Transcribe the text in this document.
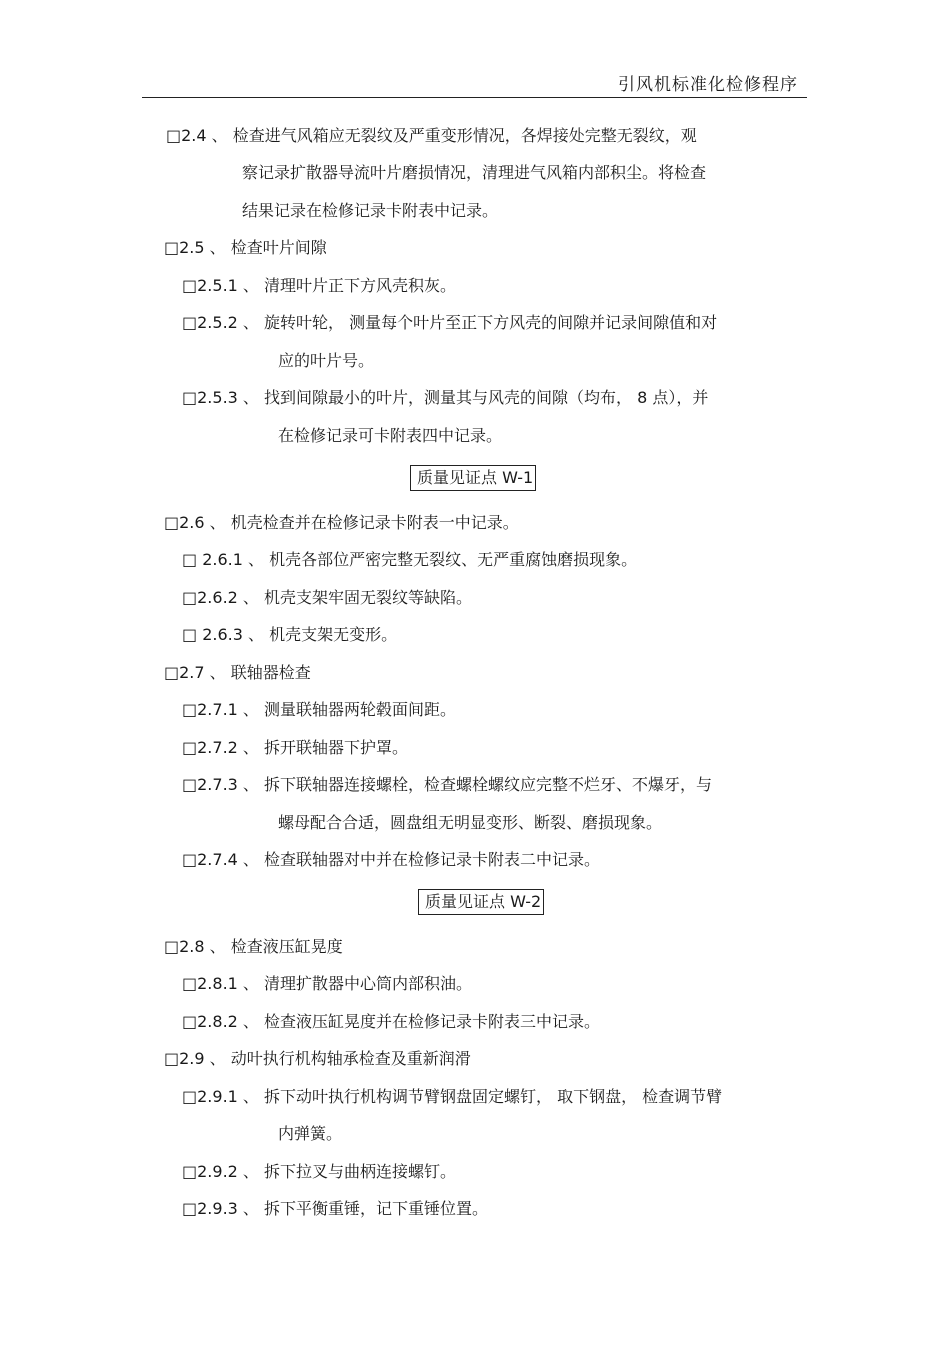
引风机标准化检修程序
□2.4 、 检查进气风箱应无裂纹及严重变形情况，各焊接处完整无裂纹，观
察记录扩散器导流叶片磨损情况，清理进气风箱内部积尘。将检查
结果记录在检修记录卡附表中记录。
□2.5 、 检查叶片间隙
□2.5.1 、 清理叶片正下方风壳积灰。
□2.5.2 、 旋转叶轮， 测量每个叶片至正下方风壳的间隙并记录间隙值和对
应的叶片号。
□2.5.3 、 找到间隙最小的叶片，测量其与风壳的间隙（均布， 8 点），并
在检修记录可卡附表四中记录。
质量见证点 W-1
□2.6 、 机壳检查并在检修记录卡附表一中记录。
□ 2.6.1 、 机壳各部位严密完整无裂纹、无严重腐蚀磨损现象。
□2.6.2 、 机壳支架牢固无裂纹等缺陷。
□ 2.6.3 、 机壳支架无变形。
□2.7 、 联轴器检查
□2.7.1 、 测量联轴器两轮毂面间距。
□2.7.2 、 拆开联轴器下护罩。
□2.7.3 、 拆下联轴器连接螺栓，检查螺栓螺纹应完整不烂牙、不爆牙，与
螺母配合合适，圆盘组无明显变形、断裂、磨损现象。
□2.7.4 、 检查联轴器对中并在检修记录卡附表二中记录。
质量见证点 W-2
□2.8 、 检查液压缸晃度
□2.8.1 、 清理扩散器中心筒内部积油。
□2.8.2 、 检查液压缸晃度并在检修记录卡附表三中记录。
□2.9 、 动叶执行机构轴承检查及重新润滑
□2.9.1 、 拆下动叶执行机构调节臂钢盘固定螺钉， 取下钢盘， 检查调节臂
内弹簧。
□2.9.2 、 拆下拉叉与曲柄连接螺钉。
□2.9.3 、 拆下平衡重锤，记下重锤位置。
